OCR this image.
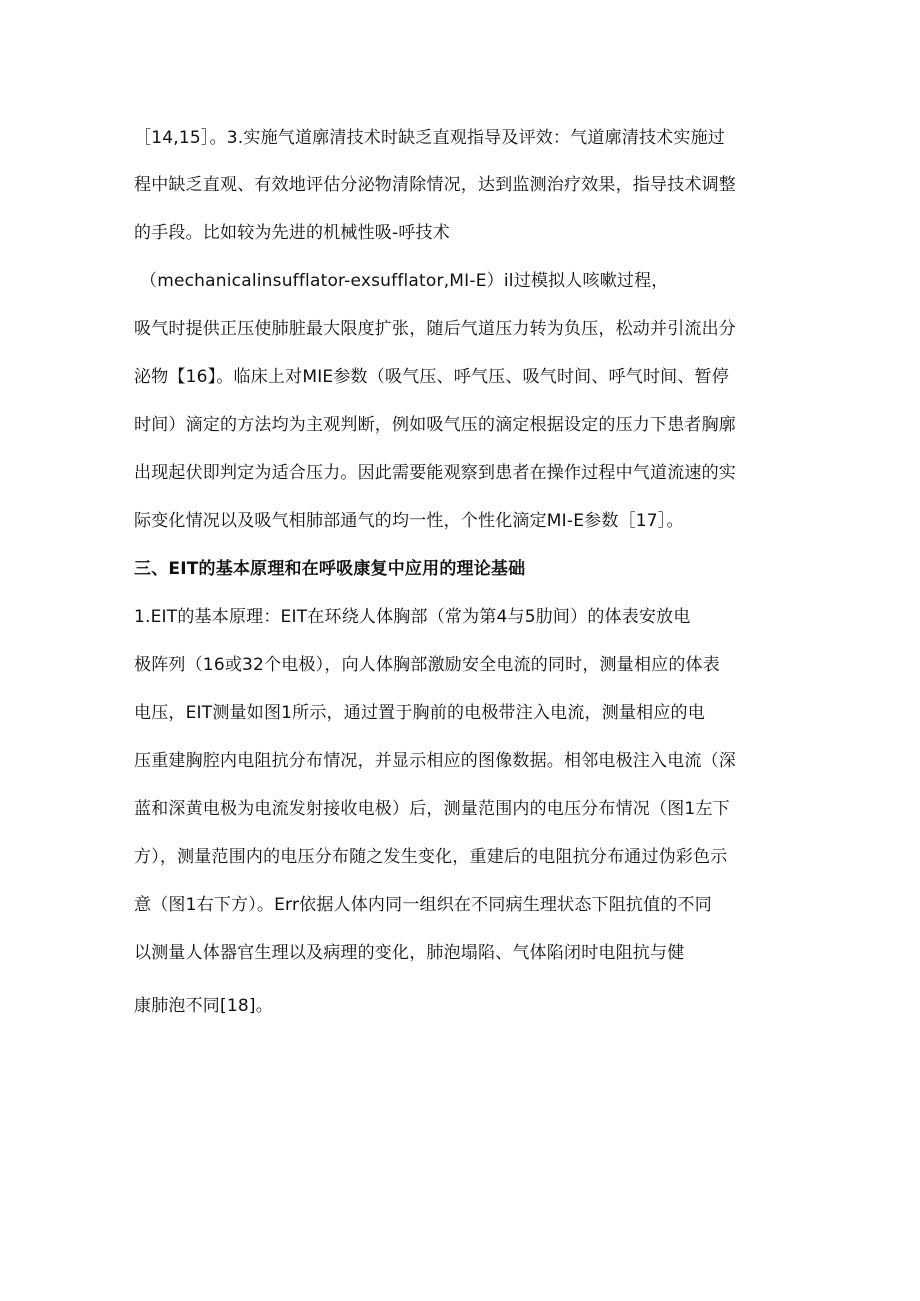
［14,15］。3.实施气道廓清技术时缺乏直观指导及评效：气道廓清技术实施过
程中缺乏直观、有效地评估分泌物清除情况，达到监测治疗效果，指导技术调整
的手段。比如较为先进的机械性吸-呼技术
（mechanicalinsufflator-exsufflator,MI-E）il过模拟人咳嗽过程，
吸气时提供正压使肺脏最大限度扩张，随后气道压力转为负压，松动并引流出分
泌物【16】。临床上对MIE参数（吸气压、呼气压、吸气时间、呼气时间、暂停
时间）滴定的方法均为主观判断，例如吸气压的滴定根据设定的压力下患者胸廓
出现起伏即判定为适合压力。因此需要能观察到患者在操作过程中气道流速的实
际变化情况以及吸气相肺部通气的均一性，个性化滴定MI-E参数［17］。
三、EIT的基本原理和在呼吸康复中应用的理论基础
1.EIT的基本原理：EIT在环绕人体胸部（常为第4与5肋间）的体表安放电
极阵列（16或32个电极），向人体胸部激励安全电流的同时，测量相应的体表
电压，EIT测量如图1所示，通过置于胸前的电极带注入电流，测量相应的电
压重建胸腔内电阻抗分布情况，并显示相应的图像数据。相邻电极注入电流（深
蓝和深黄电极为电流发射接收电极）后，测量范围内的电压分布情况（图1左下
方），测量范围内的电压分布随之发生变化，重建后的电阻抗分布通过伪彩色示
意（图1右下方）。Err依据人体内同一组织在不同病生理状态下阻抗值的不同
以测量人体器官生理以及病理的变化，肺泡塌陷、气体陷闭时电阻抗与健
康肺泡不同[18]。
